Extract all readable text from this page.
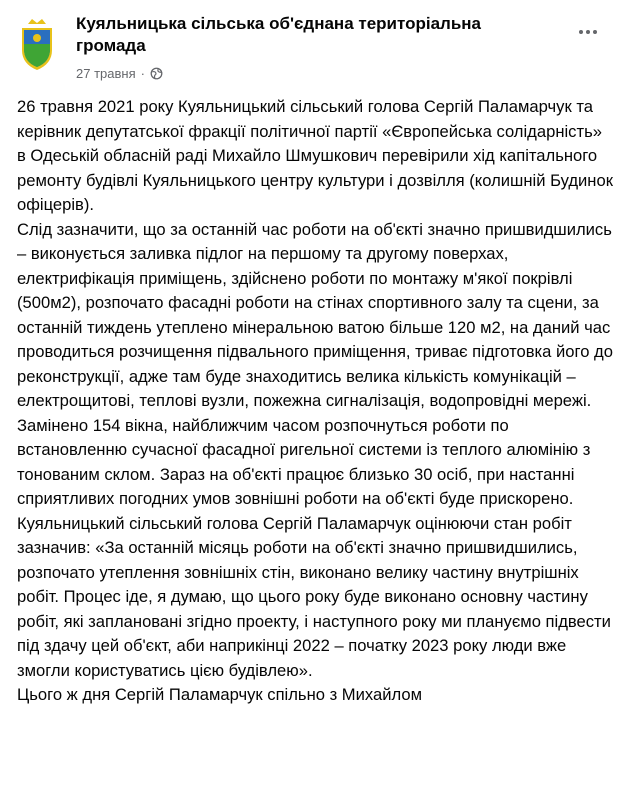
Куяльницька сільська об'єднана територіальна громада
27 травня ·

26 травня 2021 року Куяльницький сільський голова Сергій Паламарчук та керівник депутатської фракції політичної партії «Європейська солідарність» в Одеській обласній раді Михайло Шмушкович перевірили хід капітального ремонту будівлі Куяльницького центру культури і дозвілля (колишній Будинок офіцерів).

Слід зазначити, що за останній час роботи на об'єкті значно пришвидшились – виконується заливка підлог на першому та другому поверхах, електрифікація приміщень, здійснено роботи по монтажу м'якої покрівлі (500м2), розпочато фасадні роботи на стінах спортивного залу та сцени, за останній тиждень утеплено мінеральною ватою більше 120 м2, на даний час проводиться розчищення підвального приміщення, триває підготовка його до реконструкції, адже там буде знаходитись велика кількість комунікацій – електрощитові, теплові вузли, пожежна сигналізація, водопровідні мережі. Замінено 154 вікна, найближчим часом розпочнуться роботи по встановленню сучасної фасадної ригельної системи із теплого алюмінію з тонованим склом. Зараз на об'єкті працює близько 30 осіб, при настанні сприятливих погодних умов зовнішні роботи на об'єкті буде прискорено.

Куяльницький сільський голова Сергій Паламарчук оцінюючи стан робіт зазначив: «За останній місяць роботи на об'єкті значно пришвидшились, розпочато утеплення зовнішніх стін, виконано велику частину внутрішніх робіт. Процес іде, я думаю, що цього року буде виконано основну частину робіт, які заплановані згідно проекту, і наступного року ми плануємо підвести під здачу цей об'єкт, аби наприкінці 2022 – початку 2023 року люди вже змогли користуватись цією будівлею».

Цього ж дня Сергій Паламарчук спільно з Михайлом
